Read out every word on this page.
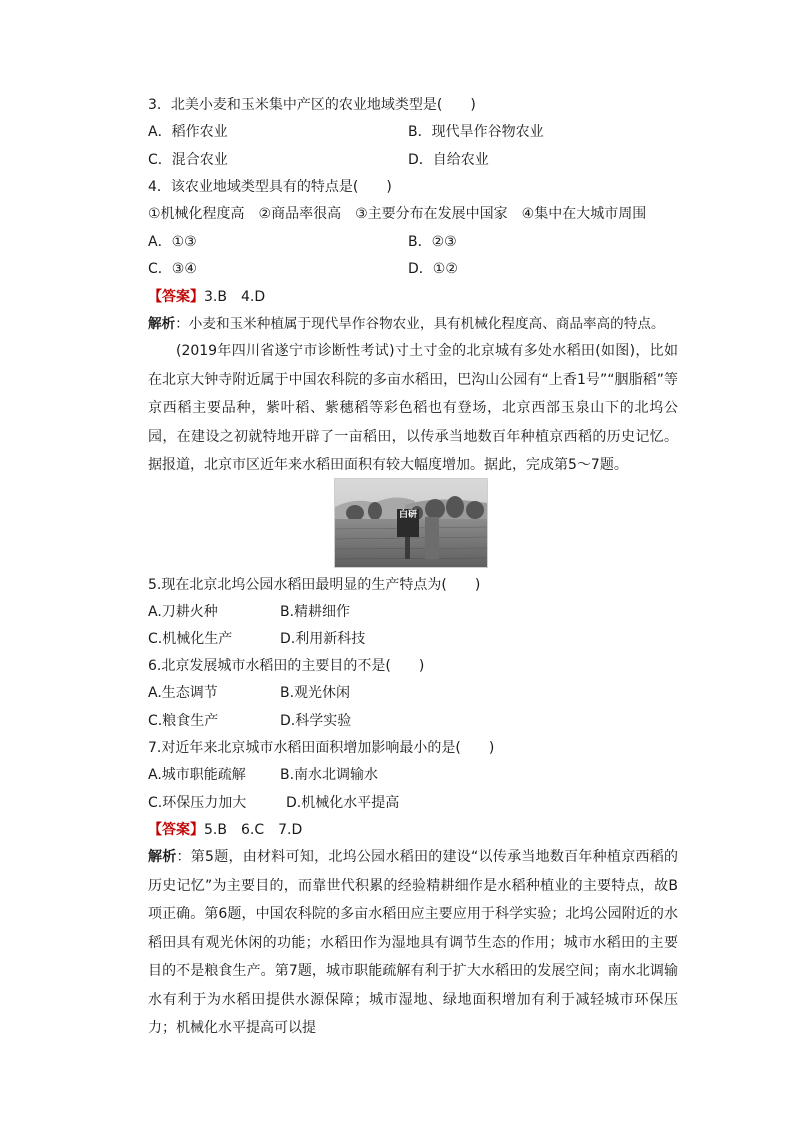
3．北美小麦和玉米集中产区的农业地域类型是(　　)
A．稻作农业	B．现代旱作谷物农业
C．混合农业	D．自给农业
4．该农业地域类型具有的特点是(　　)
①机械化程度高　②商品率很高　③主要分布在发展中国家　④集中在大城市周围
A．①③	B．②③
C．③④	D．①②
【答案】3.B　4.D
解析：小麦和玉米种植属于现代旱作谷物农业，具有机械化程度高、商品率高的特点。
(2019年四川省遂宁市诊断性考试)寸土寸金的北京城有多处水稻田(如图)，比如在北京大钟寺附近属于中国农科院的多亩水稻田，巴沟山公园有“上香1号”“胭脂稻”等京西稻主要品种，紫叶稻、紫穗稻等彩色稻也有登场，北京西部玉泉山下的北坞公园，在建设之初就特地开辟了一亩稻田，以传承当地数百年种植京西稻的历史记忆。据报道，北京市区近年来水稻田面积有较大幅度增加。据此，完成第5～7题。
白研
5.现在北京北坞公园水稻田最明显的生产特点为(　　)
A.刀耕火种	B.精耕细作
C.机械化生产	D.利用新科技
6.北京发展城市水稻田的主要目的不是(　　)
A.生态调节	B.观光休闲
C.粮食生产	D.科学实验
7.对近年来北京城市水稻田面积增加影响最小的是(　　)
A.城市职能疏解 B.南水北调输水
C.环保压力加大	D.机械化水平提高
【答案】5.B　6.C　7.D
解析：第5题，由材料可知，北坞公园水稻田的建设“以传承当地数百年种植京西稻的历史记忆”为主要目的，而靠世代积累的经验精耕细作是水稻种植业的主要特点，故B项正确。第6题，中国农科院的多亩水稻田应主要应用于科学实验；北坞公园附近的水稻田具有观光休闲的功能；水稻田作为湿地具有调节生态的作用；城市水稻田的主要目的不是粮食生产。第7题，城市职能疏解有利于扩大水稻田的发展空间；南水北调输水有利于为水稻田提供水源保障；城市湿地、绿地面积增加有利于减轻城市环保压力；机械化水平提高可以提
